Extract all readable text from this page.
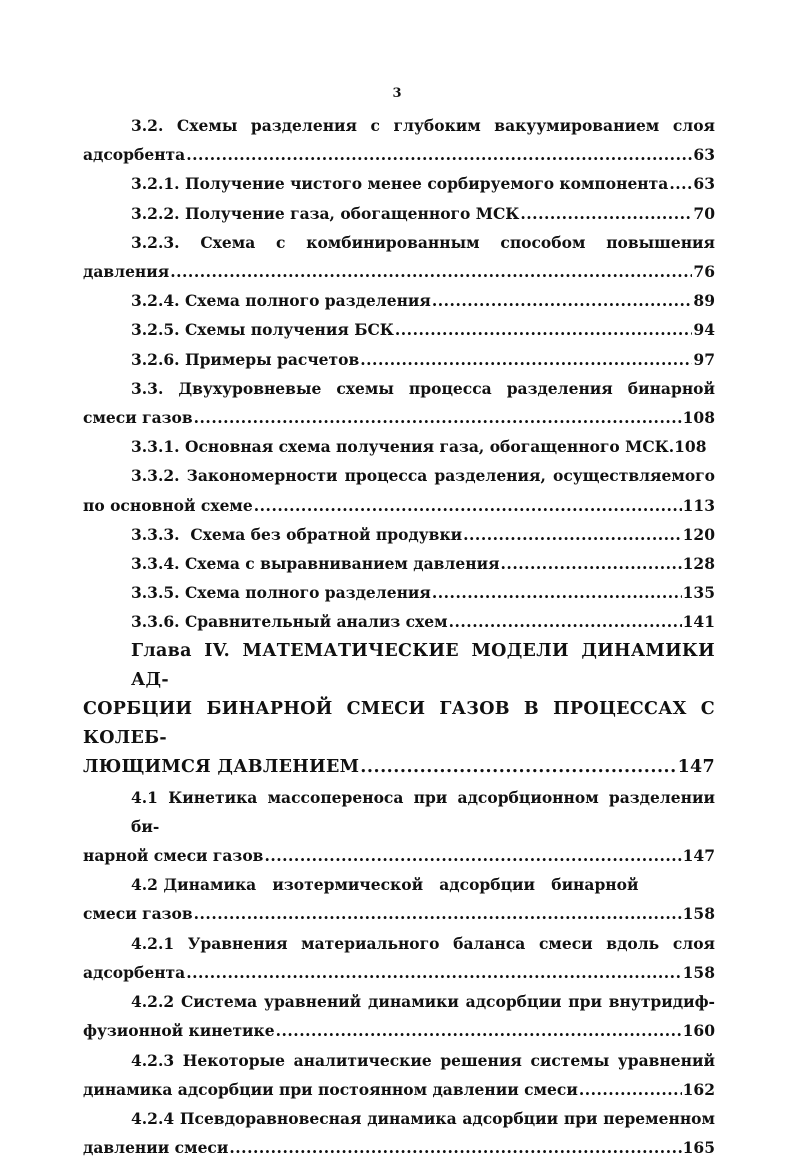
3
3.2. Схемы разделения с глубоким вакуумированием слоя
адсорбента .....	63
3.2.1. Получение чистого менее сорбируемого компонента ..... 63
3.2.2. Получение газа, обогащенного МСК .....	70
3.2.3. Схема с комбинированным способом повышения
давления .....	76
3.2.4. Схема полного разделения .....	89
3.2.5. Схемы получения БСК .....	94
3.2.6. Примеры расчетов .....	97
3.3. Двухуровневые схемы процесса разделения бинарной
смеси газов .....	108
3.3.1. Основная схема получения газа, обогащенного МСК.108
3.3.2. Закономерности процесса разделения, осуществляемого
по основной схеме .....	113
3.3.3.  Схема без обратной продувки .....	120
3.3.4. Схема с выравниванием давления .....	128
3.3.5. Схема полного разделения .....	135
3.3.6. Сравнительный анализ схем .....	141
Глава IV. МАТЕМАТИЧЕСКИЕ МОДЕЛИ ДИНАМИКИ АД-
СОРБЦИИ БИНАРНОЙ СМЕСИ ГАЗОВ В ПРОЦЕССАХ С КОЛЕБ-
ЛЮЩИМСЯ ДАВЛЕНИЕМ .....	147
4.1 Кинетика массопереноса при адсорбционном разделении би-
нарной смеси газов .....	147
4.2 Динамика   изотермической   адсорбции   бинарной
смеси газов .....	158
4.2.1 Уравнения материального баланса смеси вдоль слоя
адсорбента .....	158
4.2.2 Система уравнений динамики адсорбции при внутридиф-
фузионной кинетике .....	160
4.2.3 Некоторые аналитические решения системы уравнений
динамика адсорбции при постоянном давлении смеси .....	162
4.2.4 Псевдоравновесная динамика адсорбции при переменном
давлении смеси .....	165
